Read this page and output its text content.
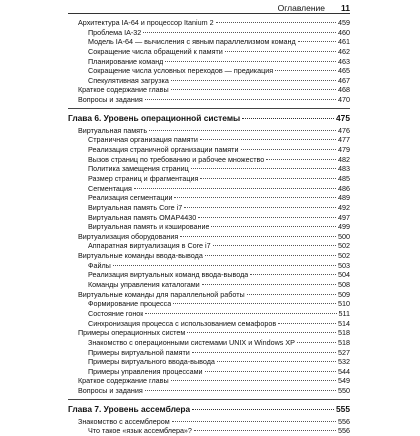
Оглавление 11
Архитектура IA-64 и процессор Itanium 2	459
Проблема IA-32	460
Модель IA-64 — вычисления с явным параллелизмом команд	461
Сокращение числа обращений к памяти	462
Планирование команд	463
Сокращение числа условных переходов — предикация	465
Спекулятивная загрузка	467
Краткое содержание главы	468
Вопросы и задания	470
Глава 6. Уровень операционной системы	475
Виртуальная память	476
Страничная организация памяти	477
Реализация страничной организации памяти	479
Вызов страниц по требованию и рабочее множество	482
Политика замещения страниц	483
Размер страниц и фрагментация	485
Сегментация	486
Реализация сегментации	489
Виртуальная память Core i7	492
Виртуальная память OMAP4430	497
Виртуальная память и кэширование	499
Виртуализация оборудования	500
Аппаратная виртуализация в Core i7	502
Виртуальные команды ввода-вывода	502
Файлы	503
Реализация виртуальных команд ввода-вывода	504
Команды управления каталогами	508
Виртуальные команды для параллельной работы	509
Формирование процесса	510
Состояние гонок	511
Синхронизация процесса с использованием семафоров	514
Примеры операционных систем	518
Знакомство с операционными системами UNIX и Windows XP	518
Примеры виртуальной памяти	527
Примеры виртуального ввода-вывода	532
Примеры управления процессами	544
Краткое содержание главы	549
Вопросы и задания	550
Глава 7. Уровень ассемблера	555
Знакомство с ассемблером	556
Что такое «язык ассемблера»?	556
